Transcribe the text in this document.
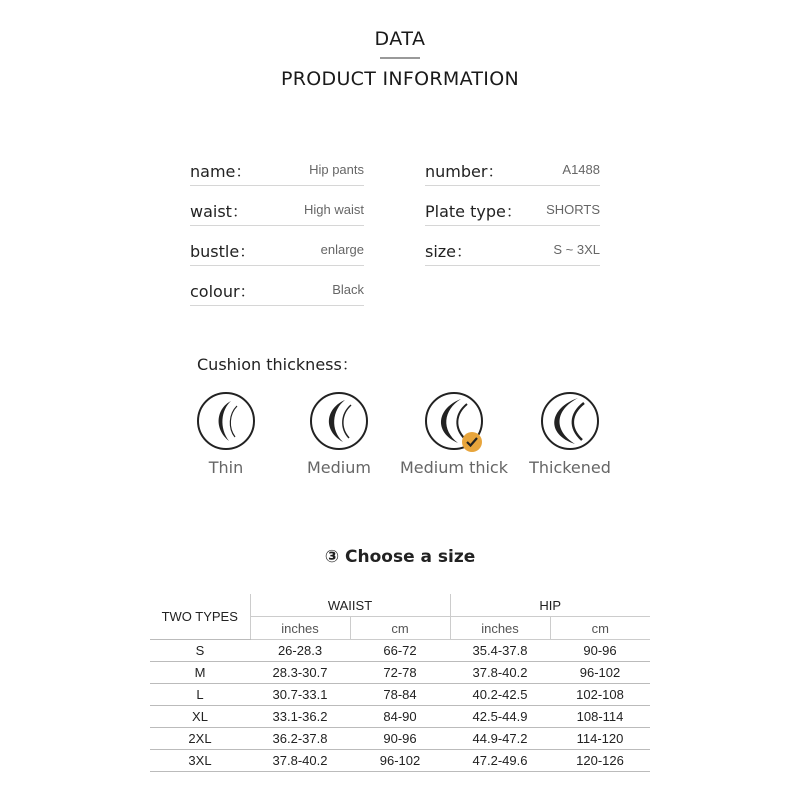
DATA
PRODUCT INFORMATION
name：	Hip pants
waist：	High waist
bustle：	enlarge
colour：	Black
number：	A1488
Plate type： SHORTS
size：	S ~ 3XL
Cushion thickness：
Thin	Medium	Medium thick	Thickened
③ Choose a size
TWO TYPES	WAIIST		HIP	
	inches	cm	inches	cm
S	26-28.3	66-72	35.4-37.8	90-96
M	28.3-30.7	72-78	37.8-40.2	96-102
L	30.7-33.1	78-84	40.2-42.5	102-108
XL	33.1-36.2	84-90	42.5-44.9	108-114
2XL	36.2-37.8	90-96	44.9-47.2	114-120
3XL	37.8-40.2	96-102	47.2-49.6	120-126
